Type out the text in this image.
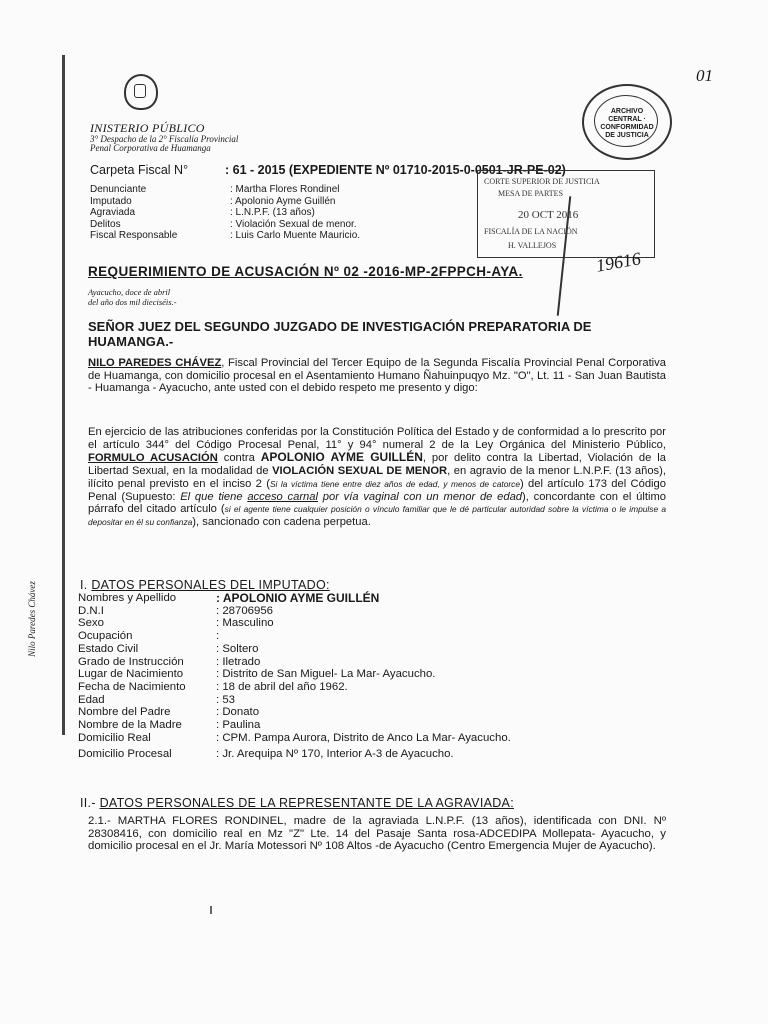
INISTERIO PÚBLICO
3° Despacho de la 2° Fiscalía Provincial
Penal Corporativa de Huamanga
01
ARCHIVO CENTRAL · CONFORMIDAD DE JUSTICIA
Carpeta Fiscal N°	: 61 - 2015 (EXPEDIENTE Nº 01710-2015-0-0501-JR-PE-02)
Denunciante	: Martha Flores Rondinel
Imputado	: Apolonio Ayme Guillén
Agraviada	: L.N.P.F. (13 años)
Delitos	: Violación Sexual de menor.
Fiscal Responsable	: Luis Carlo Muente Mauricio.
CORTE SUPERIOR DE JUSTICIA
MESA DE PARTES
20 OCT 2016
FISCALÍA DE LA NACIÓN
H. VALLEJOS
19616
REQUERIMIENTO DE ACUSACIÓN Nº 02 -2016-MP-2FPPCH-AYA.
Ayacucho, doce de abril
del año dos mil dieciséis.-
SEÑOR JUEZ DEL SEGUNDO JUZGADO DE INVESTIGACIÓN PREPARATORIA DE HUAMANGA.-
NILO PAREDES CHÁVEZ, Fiscal Provincial del Tercer Equipo de la Segunda Fiscalía Provincial Penal Corporativa de Huamanga, con domicilio procesal en el Asentamiento Humano Ñahuinpuqyo Mz. "O", Lt. 11 - San Juan Bautista - Huamanga - Ayacucho, ante usted con el debido respeto me presento y digo:
En ejercicio de las atribuciones conferidas por la Constitución Política del Estado y de conformidad a lo prescrito por el artículo 344° del Código Procesal Penal, 11° y 94° numeral 2 de la Ley Orgánica del Ministerio Público, FORMULO ACUSACIÓN contra APOLONIO AYME GUILLÉN, por delito contra la Libertad, Violación de la Libertad Sexual, en la modalidad de VIOLACIÓN SEXUAL DE MENOR, en agravio de la menor L.N.P.F. (13 años), ilícito penal previsto en el inciso 2 (Si la víctima tiene entre diez años de edad, y menos de catorce) del artículo 173 del Código Penal (Supuesto: El que tiene acceso carnal por vía vaginal con un menor de edad), concordante con el último párrafo del citado artículo (si el agente tiene cualquier posición o vínculo familiar que le dé particular autoridad sobre la víctima o le impulse a depositar en él su confianza), sancionado con cadena perpetua.
Nilo Paredes Chávez	I. DATOS PERSONALES DEL IMPUTADO:
Nombres y Apellido	: APOLONIO AYME GUILLÉN
D.N.I	: 28706956
Sexo	: Masculino
Ocupación	:
Estado Civil	: Soltero
Grado de Instrucción	: Iletrado
Lugar de Nacimiento	: Distrito de San Miguel- La Mar- Ayacucho.
Fecha de Nacimiento	: 18 de abril del año 1962.
Edad	: 53
Nombre del Padre	: Donato
Nombre de la Madre	: Paulina
Domicilio Real	: CPM. Pampa Aurora, Distrito de Anco La Mar- Ayacucho.
Domicilio Procesal	: Jr. Arequipa Nº 170, Interior A-3 de Ayacucho.
II.- DATOS PERSONALES DE LA REPRESENTANTE DE LA AGRAVIADA:
2.1.- MARTHA FLORES RONDINEL, madre de la agraviada L.N.P.F. (13 años), identificada con DNI. Nº 28308416, con domicilio real en Mz "Z" Lte. 14 del Pasaje Santa rosa-ADCEDIPA Mollepata- Ayacucho, y domicilio procesal en el Jr. María Motessori Nº 108 Altos -de Ayacucho (Centro Emergencia Mujer de Ayacucho).
